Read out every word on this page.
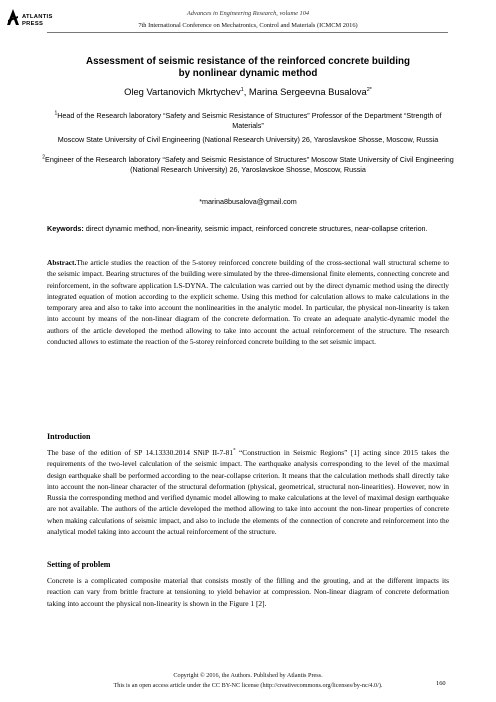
ATLANTIS
PRESS
Advances in Engineering Research, volume 104
7th International Conference on Mechatronics, Control and Materials (ICMCM 2016)
Assessment of seismic resistance of the reinforced concrete building
by nonlinear dynamic method
Oleg Vartanovich Mkrtychev$^1$, Marina Sergeevna Busalova$^{2*}$
$^1$Head of the Research laboratory “Safety and Seismic Resistance of Structures” Professor of the Department “Strength of Materials”
Moscow State University of Civil Engineering (National Research University) 26, Yaroslavskoe Shosse, Moscow, Russia
$^2$Engineer of the Research laboratory “Safety and Seismic Resistance of Structures” Moscow State University of Civil Engineering (National Research University) 26, Yaroslavskoe Shosse, Moscow, Russia
*marina8busalova@gmail.com
Keywords: direct dynamic method, non-linearity, seismic impact, reinforced concrete structures, near-collapse criterion.
Abstract.The article studies the reaction of the 5-storey reinforced concrete building of the cross-sectional wall structural scheme to the seismic impact. Bearing structures of the building were simulated by the three-dimensional finite elements, connecting concrete and reinforcement, in the software application LS-DYNA. The calculation was carried out by the direct dynamic method using the directly integrated equation of motion according to the explicit scheme. Using this method for calculation allows to make calculations in the temporary area and also to take into account the nonlinearities in the analytic model. In particular, the physical non-linearity is taken into account by means of the non-linear diagram of the concrete deformation. To create an adequate analytic-dynamic model the authors of the article developed the method allowing to take into account the actual reinforcement of the structure. The research conducted allows to estimate the reaction of the 5-storey reinforced concrete building to the set seismic impact.
Introduction
The base of the edition of SP 14.13330.2014 SNiP II-7-81* “Construction in Seismic Regions” [1] acting since 2015 takes the requirements of the two-level calculation of the seismic impact. The earthquake analysis corresponding to the level of the maximal design earthquake shall be performed according to the near-collapse criterion. It means that the calculation methods shall directly take into account the non-linear character of the structural deformation (physical, geometrical, structural non-linearities). However, now in Russia the corresponding method and verified dynamic model allowing to make calculations at the level of maximal design earthquake are not available. The authors of the article developed the method allowing to take into account the non-linear properties of concrete when making calculations of seismic impact, and also to include the elements of the connection of concrete and reinforcement into the analytical model taking into account the actual reinforcement of the structure.
Setting of problem
Concrete is a complicated composite material that consists mostly of the filling and the grouting, and at the different impacts its reaction can vary from brittle fracture at tensioning to yield behavior at compression. Non-linear diagram of concrete deformation taking into account the physical non-linearity is shown in the Figure 1 [2].
Copyright © 2016, the Authors. Published by Atlantis Press.
This is an open access article under the CC BY-NC license (http://creativecommons.org/licenses/by-nc/4.0/).	160
